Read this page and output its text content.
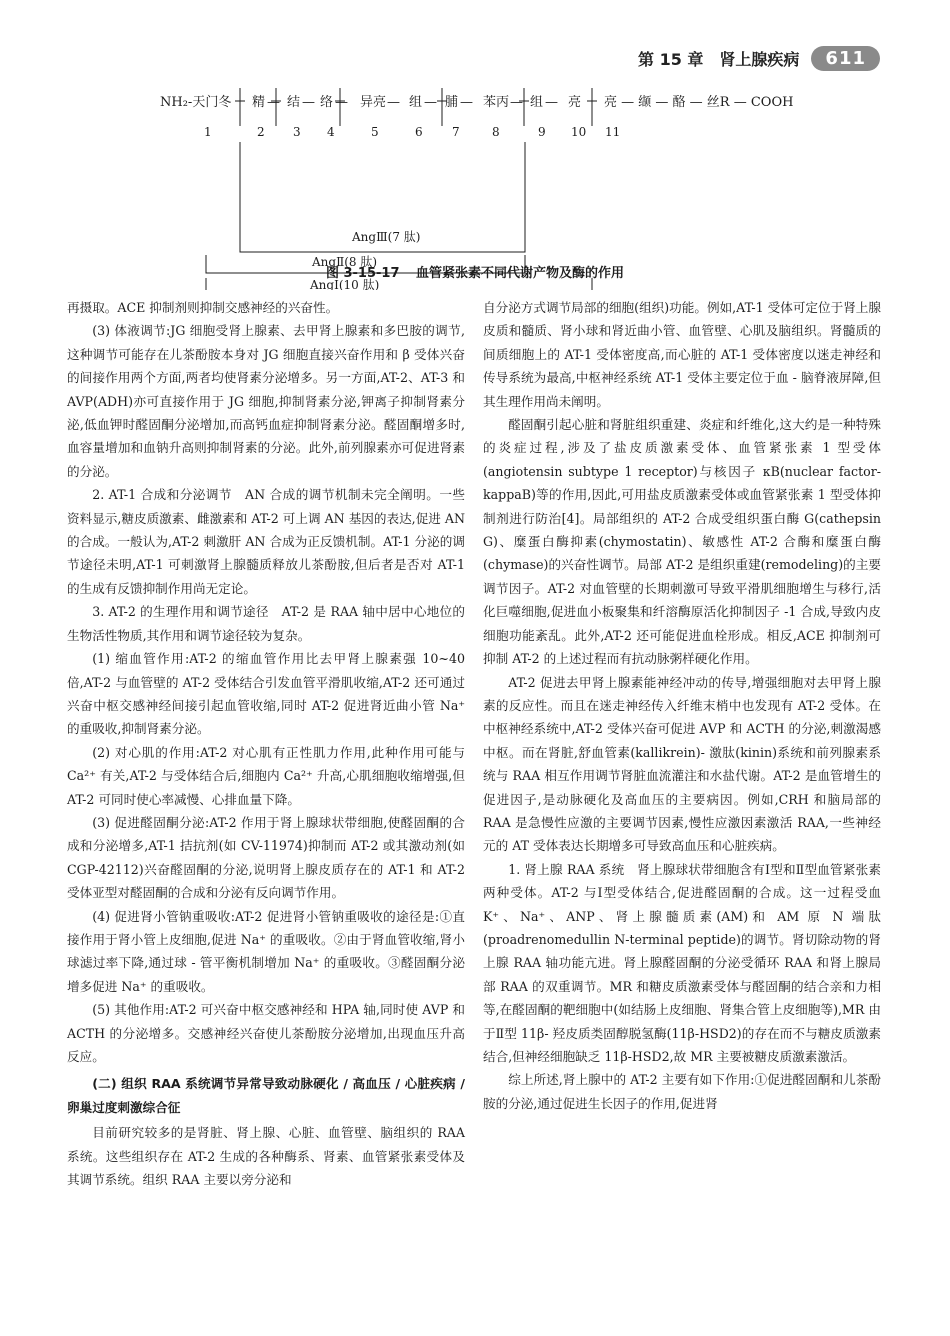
第 15 章　肾上腺疾病	611
NH₂-天门冬 精 — 结 — 络 — 异亮 — 组 — 脯 — 苯丙 — 组 — 亮 亮 — 缬 — 酪 — 丝R — COOH
1	2 3 4	5	6 7	8	9 10 11
AngⅢ(7 肽)
AngⅡ(8 肽)
AngⅠ(10 肽)
图 3-15-17 血管紧张素不同代谢产物及酶的作用

再摄取。ACE 抑制剂则抑制交感神经的兴奋性。

(3) 体液调节:JG 细胞受肾上腺素、去甲肾上腺素和多巴胺的调节,这种调节可能存在儿茶酚胺本身对 JG 细胞直接兴奋作用和 β 受体兴奋的间接作用两个方面,两者均使肾素分泌增多。另一方面,AT-2、AT-3 和 AVP(ADH)亦可直接作用于 JG 细胞,抑制肾素分泌,钾离子抑制肾素分泌,低血钾时醛固酮分泌增加,而高钙血症抑制肾素分泌。醛固酮增多时,血容量增加和血钠升高则抑制肾素的分泌。此外,前列腺素亦可促进肾素的分泌。

2. AT-1 合成和分泌调节　AN 合成的调节机制未完全阐明。一些资料显示,糖皮质激素、雌激素和 AT-2 可上调 AN 基因的表达,促进 AN 的合成。一般认为,AT-2 刺激肝 AN 合成为正反馈机制。AT-1 分泌的调节途径未明,AT-1 可刺激肾上腺髓质释放儿茶酚胺,但后者是否对 AT-1 的生成有反馈抑制作用尚无定论。

3. AT-2 的生理作用和调节途径　AT-2 是 RAA 轴中居中心地位的生物活性物质,其作用和调节途径较为复杂。

(1) 缩血管作用:AT-2 的缩血管作用比去甲肾上腺素强 10~40 倍,AT-2 与血管壁的 AT-2 受体结合引发血管平滑肌收缩,AT-2 还可通过兴奋中枢交感神经间接引起血管收缩,同时 AT-2 促进肾近曲小管 Na⁺ 的重吸收,抑制肾素分泌。

(2) 对心肌的作用:AT-2 对心肌有正性肌力作用,此种作用可能与 Ca²⁺ 有关,AT-2 与受体结合后,细胞内 Ca²⁺ 升高,心肌细胞收缩增强,但 AT-2 可同时使心率减慢、心排血量下降。

(3) 促进醛固酮分泌:AT-2 作用于肾上腺球状带细胞,使醛固酮的合成和分泌增多,AT-1 拮抗剂(如 CV-11974)抑制而 AT-2 或其激动剂(如 CGP-42112)兴奋醛固酮的分泌,说明肾上腺皮质存在的 AT-1 和 AT-2 受体亚型对醛固酮的合成和分泌有反向调节作用。

(4) 促进肾小管钠重吸收:AT-2 促进肾小管钠重吸收的途径是:①直接作用于肾小管上皮细胞,促进 Na⁺ 的重吸收。②由于肾血管收缩,肾小球滤过率下降,通过球 - 管平衡机制增加 Na⁺ 的重吸收。③醛固酮分泌增多促进 Na⁺ 的重吸收。

(5) 其他作用:AT-2 可兴奋中枢交感神经和 HPA 轴,同时使 AVP 和 ACTH 的分泌增多。交感神经兴奋使儿茶酚胺分泌增加,出现血压升高反应。

(二) 组织 RAA 系统调节异常导致动脉硬化 / 高血压 / 心脏疾病 / 卵巢过度刺激综合征

目前研究较多的是肾脏、肾上腺、心脏、血管壁、脑组织的 RAA 系统。这些组织存在 AT-2 生成的各种酶系、肾素、血管紧张素受体及其调节系统。组织 RAA 主要以旁分泌和

自分泌方式调节局部的细胞(组织)功能。例如,AT-1 受体可定位于肾上腺皮质和髓质、肾小球和肾近曲小管、血管壁、心肌及脑组织。肾髓质的间质细胞上的 AT-1 受体密度高,而心脏的 AT-1 受体密度以迷走神经和传导系统为最高,中枢神经系统 AT-1 受体主要定位于血 - 脑脊液屏障,但其生理作用尚未阐明。

醛固酮引起心脏和肾脏组织重建、炎症和纤维化,这大约是一种特殊的炎症过程,涉及了盐皮质激素受体、血管紧张素 1 型受体(angiotensin subtype 1 receptor)与核因子 κB(nuclear factor-kappaB)等的作用,因此,可用盐皮质激素受体或血管紧张素 1 型受体抑制剂进行防治[4]。局部组织的 AT-2 合成受组织蛋白酶 G(cathepsin G)、糜蛋白酶抑素(chymostatin)、敏感性 AT-2 合酶和糜蛋白酶(chymase)的兴奋性调节。局部 AT-2 是组织重建(remodeling)的主要调节因子。AT-2 对血管壁的长期刺激可导致平滑肌细胞增生与移行,活化巨噬细胞,促进血小板聚集和纤溶酶原活化抑制因子 -1 合成,导致内皮细胞功能紊乱。此外,AT-2 还可能促进血栓形成。相反,ACE 抑制剂可抑制 AT-2 的上述过程而有抗动脉粥样硬化作用。

AT-2 促进去甲肾上腺素能神经冲动的传导,增强细胞对去甲肾上腺素的反应性。而且在迷走神经传入纤维末梢中也发现有 AT-2 受体。在中枢神经系统中,AT-2 受体兴奋可促进 AVP 和 ACTH 的分泌,刺激渴感中枢。而在肾脏,舒血管素(kallikrein)- 激肽(kinin)系统和前列腺素系统与 RAA 相互作用调节肾脏血流灌注和水盐代谢。AT-2 是血管增生的促进因子,是动脉硬化及高血压的主要病因。例如,CRH 和脑局部的 RAA 是急慢性应激的主要调节因素,慢性应激因素激活 RAA,一些神经元的 AT 受体表达长期增多可导致高血压和心脏疾病。

1. 肾上腺 RAA 系统　肾上腺球状带细胞含有Ⅰ型和Ⅱ型血管紧张素两种受体。AT-2 与Ⅰ型受体结合,促进醛固酮的合成。这一过程受血 K⁺、Na⁺、ANP、肾上腺髓质素(AM)和 AM 原 N 端肽(proadrenomedullin N-terminal peptide)的调节。肾切除动物的肾上腺 RAA 轴功能亢进。肾上腺醛固酮的分泌受循环 RAA 和肾上腺局部 RAA 的双重调节。MR 和糖皮质激素受体与醛固酮的结合亲和力相等,在醛固酮的靶细胞中(如结肠上皮细胞、肾集合管上皮细胞等),MR 由于Ⅱ型 11β- 羟皮质类固醇脱氢酶(11β-HSD2)的存在而不与糖皮质激素结合,但神经细胞缺乏 11β-HSD2,故 MR 主要被糖皮质激素激活。

综上所述,肾上腺中的 AT-2 主要有如下作用:①促进醛固酮和儿茶酚胺的分泌,通过促进生长因子的作用,促进肾
